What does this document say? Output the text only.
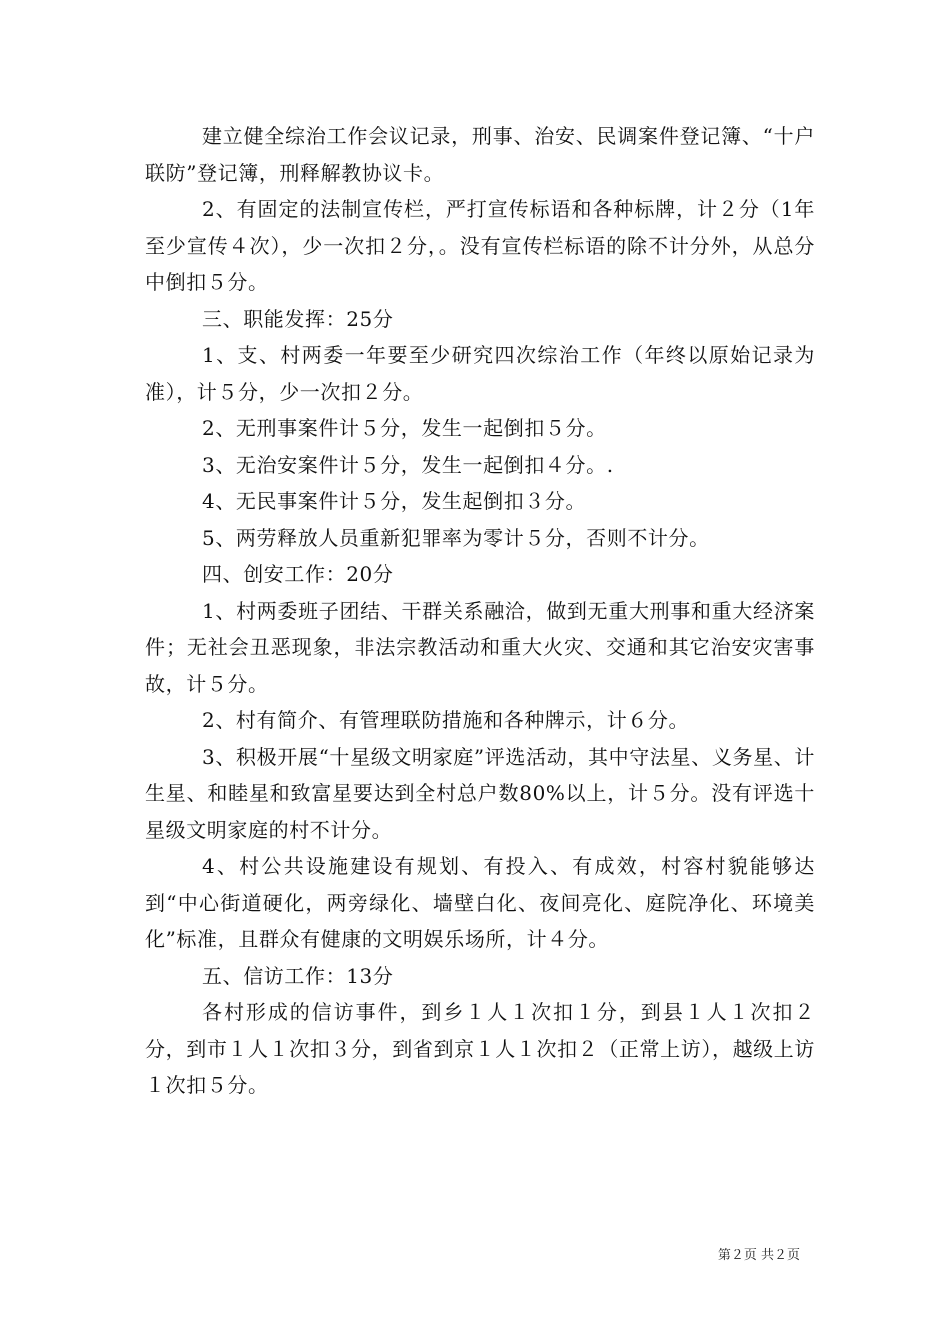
建立健全综治工作会议记录，刑事、治安、民调案件登记簿、“十户联防”登记簿，刑释解教协议卡。

2、有固定的法制宣传栏，严打宣传标语和各种标牌，计２分（1年至少宣传４次），少一次扣２分，。没有宣传栏标语的除不计分外，从总分中倒扣５分。

三、职能发挥：25分

1、支、村两委一年要至少研究四次综治工作（年终以原始记录为准），计５分，少一次扣２分。

2、无刑事案件计５分，发生一起倒扣５分。

3、无治安案件计５分，发生一起倒扣４分。.

4、无民事案件计５分，发生起倒扣３分。

5、两劳释放人员重新犯罪率为零计５分，否则不计分。

四、创安工作：20分

1、村两委班子团结、干群关系融洽，做到无重大刑事和重大经济案件；无社会丑恶现象，非法宗教活动和重大火灾、交通和其它治安灾害事故，计５分。

2、村有简介、有管理联防措施和各种牌示，计６分。

3、积极开展“十星级文明家庭”评选活动，其中守法星、义务星、计生星、和睦星和致富星要达到全村总户数80%以上，计５分。没有评选十星级文明家庭的村不计分。

4、村公共设施建设有规划、有投入、有成效，村容村貌能够达到“中心街道硬化，两旁绿化、墙壁白化、夜间亮化、庭院净化、环境美化”标准，且群众有健康的文明娱乐场所，计４分。

五、信访工作：13分

各村形成的信访事件，到乡１人１次扣１分，到县１人１次扣２分，到市１人１次扣３分，到省到京１人１次扣２（正常上访），越级上访１次扣５分。

第２页 共２页
